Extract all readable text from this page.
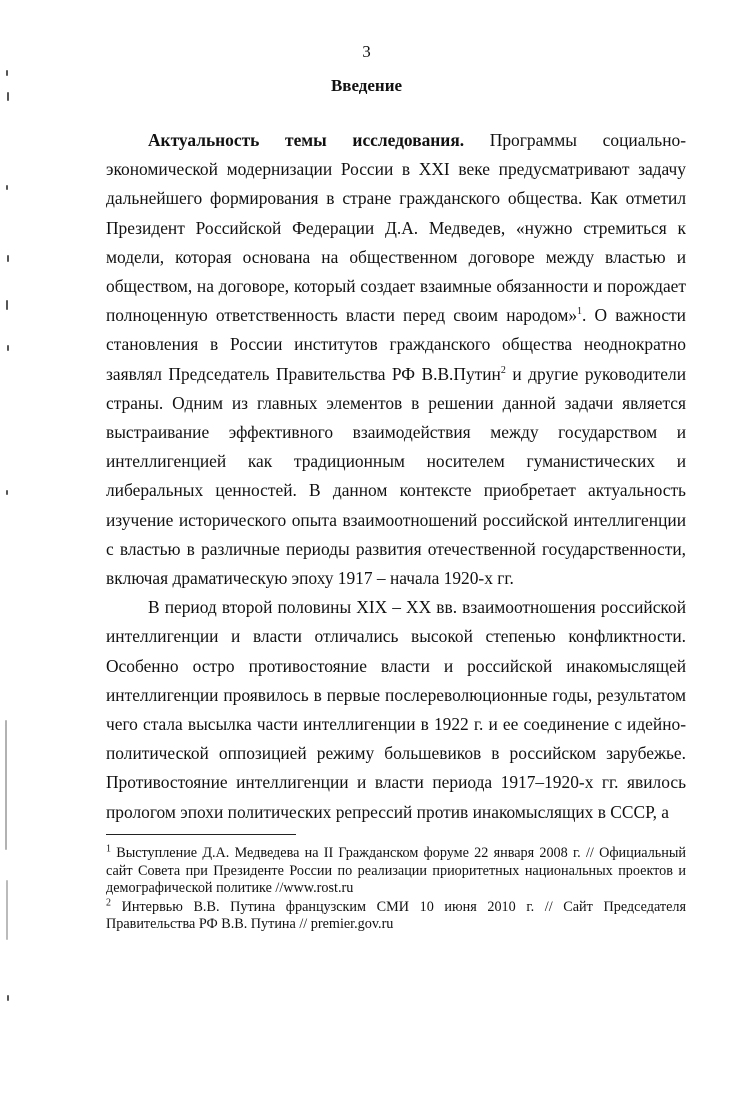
3
Введение

Актуальность темы исследования. Программы социально-экономической модернизации России в XXI веке предусматривают задачу дальнейшего формирования в стране гражданского общества. Как отметил Президент Российской Федерации Д.А. Медведев, «нужно стремиться к модели, которая основана на общественном договоре между властью и обществом, на договоре, который создает взаимные обязанности и порождает полноценную ответственность власти перед своим народом»$^1$. О важности становления в России институтов гражданского общества неоднократно заявлял Председатель Правительства РФ В.В.Путин$^2$ и другие руководители страны. Одним из главных элементов в решении данной задачи является выстраивание эффективного взаимодействия между государством и интеллигенцией как традиционным носителем гуманистических и либеральных ценностей. В данном контексте приобретает актуальность изучение исторического опыта взаимоотношений российской интеллигенции с властью в различные периоды развития отечественной государственности, включая драматическую эпоху 1917 – начала 1920-х гг.

В период второй половины XIX – XX вв. взаимоотношения российской интеллигенции и власти отличались высокой степенью конфликтности. Особенно остро противостояние власти и российской инакомыслящей интеллигенции проявилось в первые послереволюционные годы, результатом чего стала высылка части интеллигенции в 1922 г. и ее соединение с идейно-политической оппозицией режиму большевиков в российском зарубежье. Противостояние интеллигенции и власти периода 1917–1920-х гг. явилось прологом эпохи политических репрессий против инакомыслящих в СССР, а

$^1$ Выступление Д.А. Медведева на II Гражданском форуме 22 января 2008 г. // Официальный сайт Совета при Президенте России по реализации приоритетных национальных проектов и демографической политике //www.rost.ru

$^2$ Интервью В.В. Путина французским СМИ 10 июня 2010 г. // Сайт Председателя Правительства РФ В.В. Путина // premier.gov.ru
